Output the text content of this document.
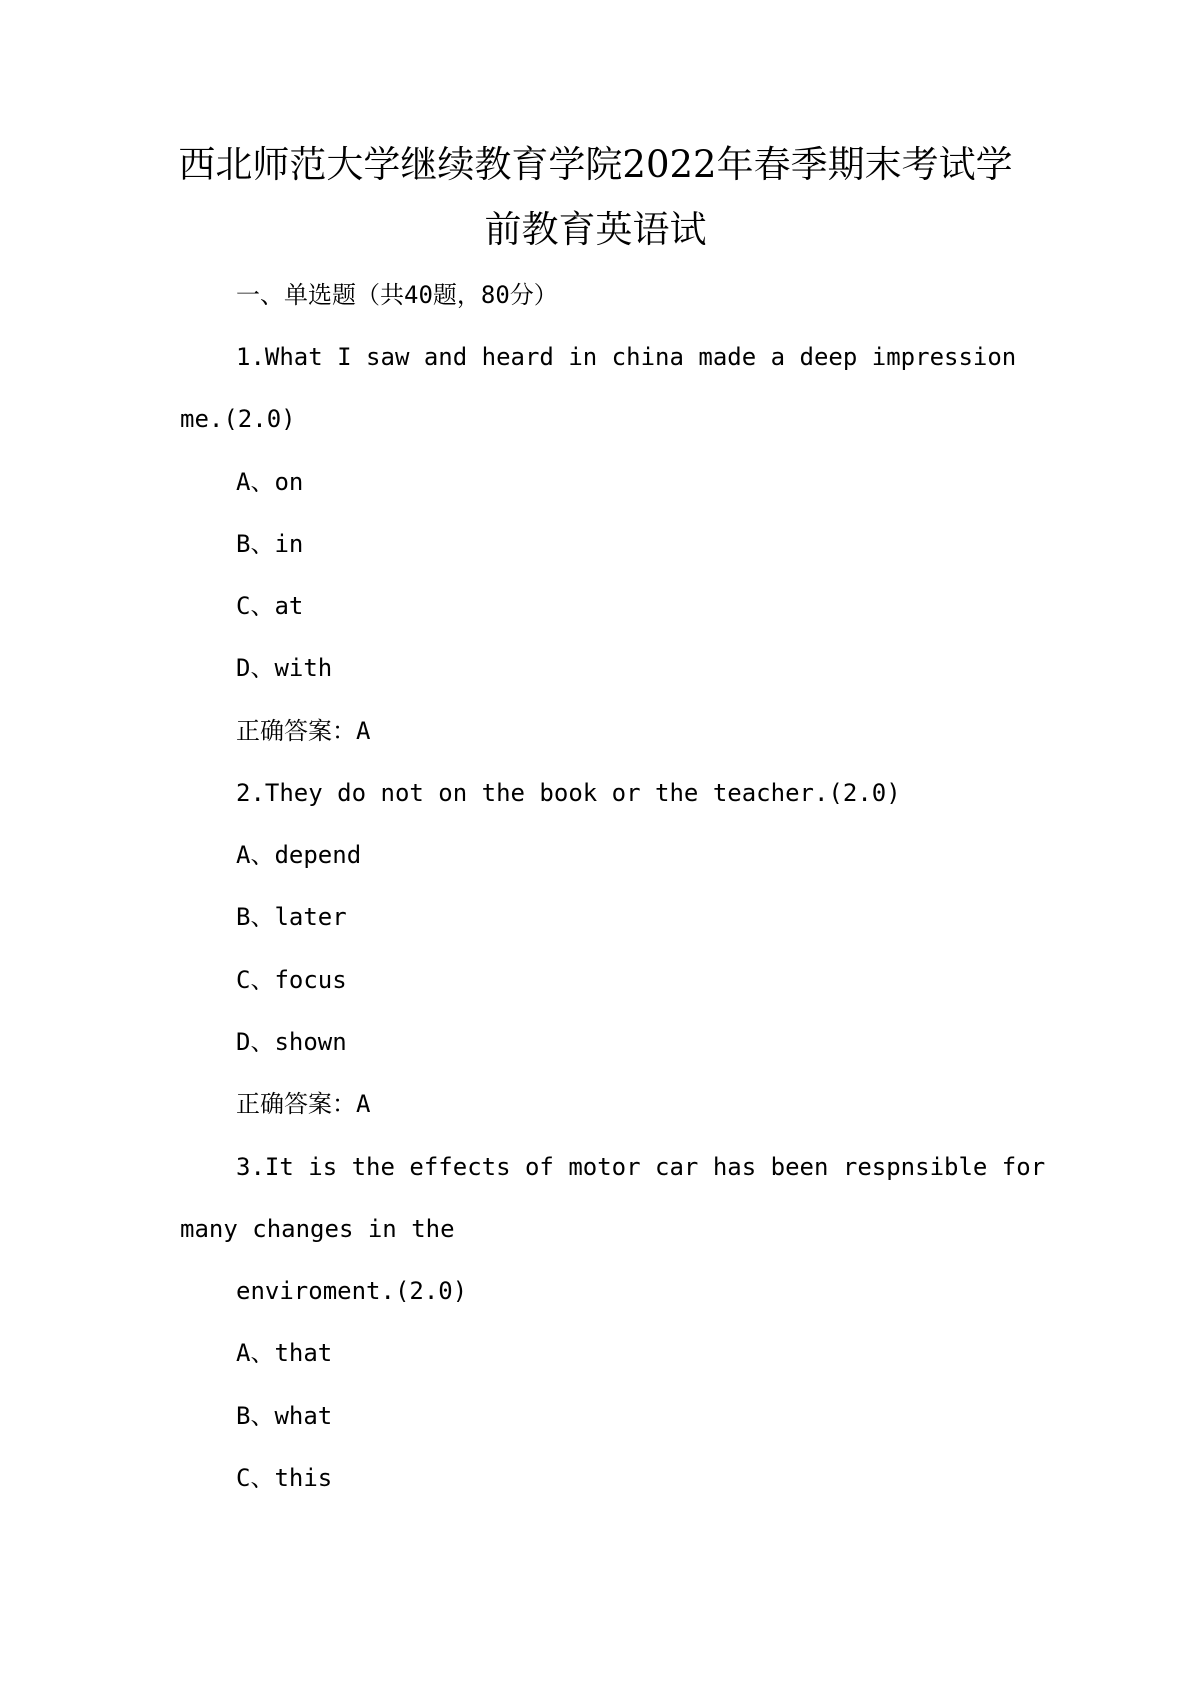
西北师范大学继续教育学院2022年春季期末考试学
前教育英语试
一、单选题（共40题，80分）
1.What I saw and heard in china made a deep impression
me.(2.0)
A、on
B、in
C、at
D、with
正确答案：A
2.They do not on the book or the teacher.(2.0)
A、depend
B、later
C、focus
D、shown
正确答案：A
3.It is the effects of motor car has been respnsible for
many changes in the
enviroment.(2.0)
A、that
B、what
C、this
